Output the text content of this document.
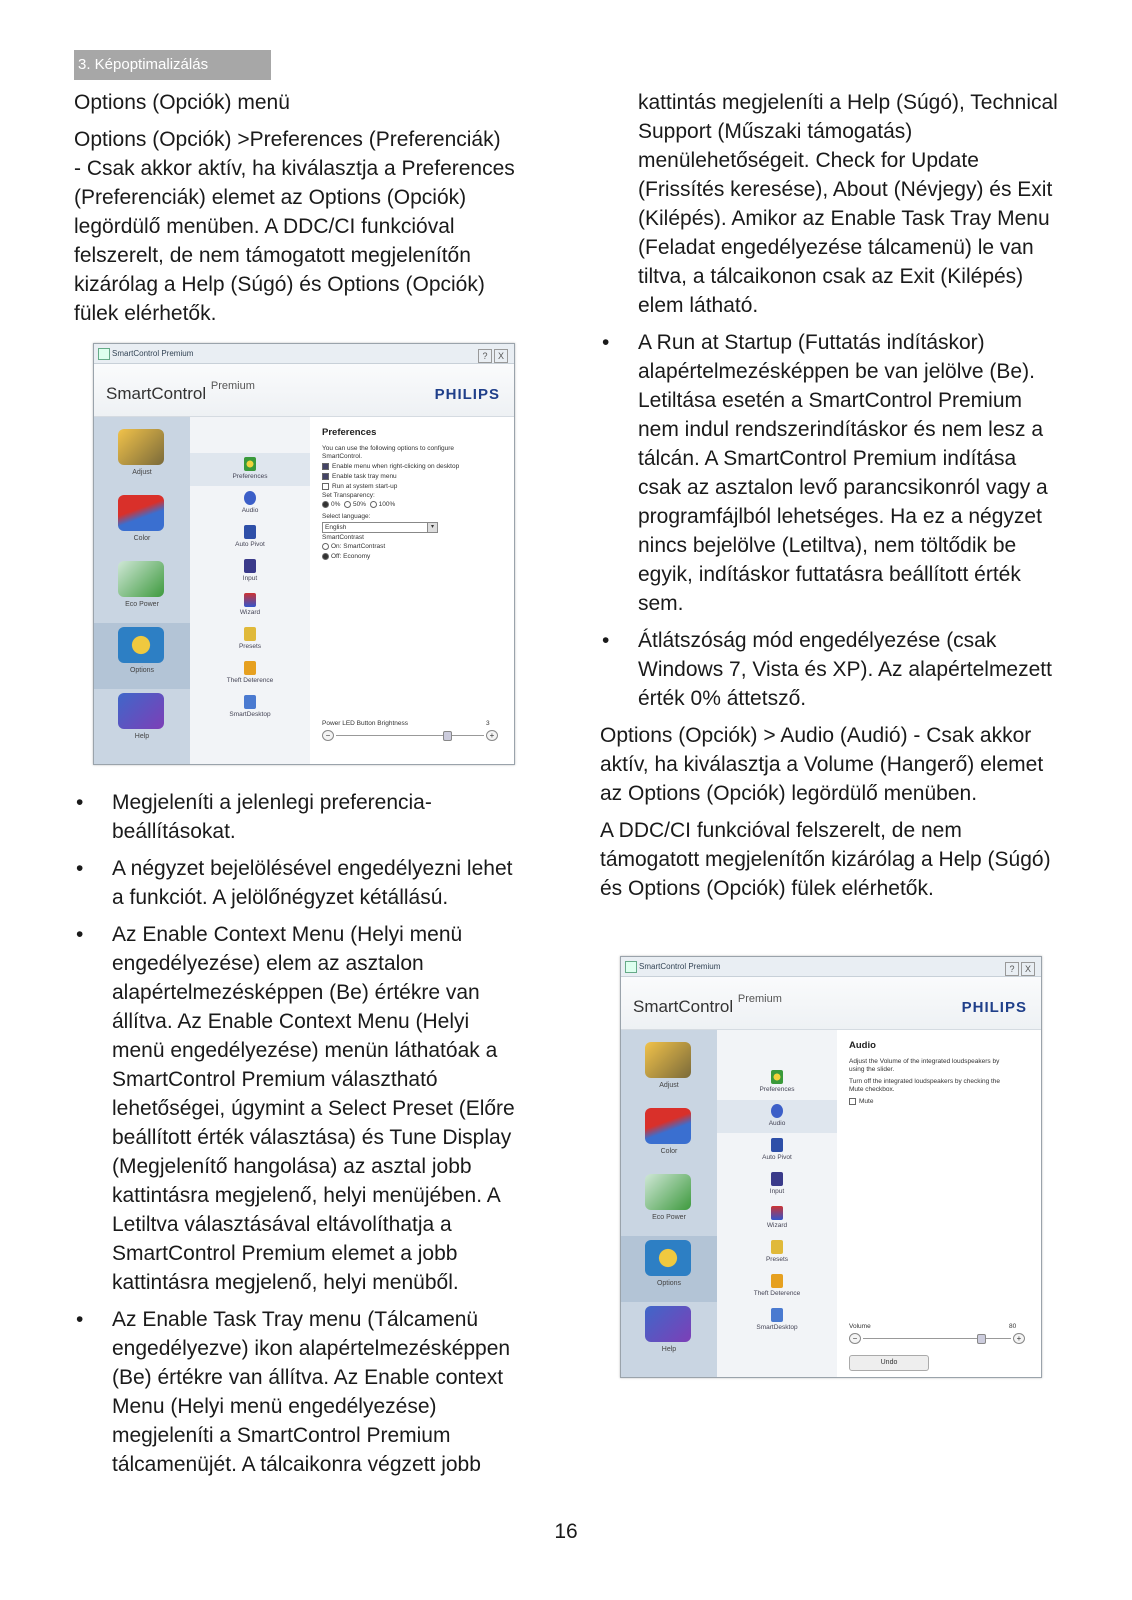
3. Képoptimalizálás

Options (Opciók) menü

Options (Opciók) >Preferences (Preferenciák)

- Csak akkor aktív, ha kiválasztja a Preferences (Preferenciák) elemet az Options (Opciók) legördülő menüben. A DDC/CI funkcióval felszerelt, de nem támogatott megjelenítőn kizárólag a Help (Súgó) és Options (Opciók) fülek elérhetők.

• Megjeleníti a jelenlegi preferencia-beállításokat.
• A négyzet bejelölésével engedélyezni lehet a funkciót. A jelölőnégyzet kétállású.
• Az Enable Context Menu (Helyi menü engedélyezése) elem az asztalon alapértelmezésképpen (Be) értékre van állítva. Az Enable Context Menu (Helyi menü engedélyezése) menün láthatóak a SmartControl Premium választható lehetőségei, úgymint a Select Preset (Előre beállított érték választása) és Tune Display (Megjelenítő hangolása) az asztal jobb kattintásra megjelenő, helyi menüjében. A Letiltva választásával eltávolíthatja a SmartControl Premium elemet a jobb kattintásra megjelenő, helyi menüből.
• Az Enable Task Tray menu (Tálcamenü engedélyezve) ikon alapértelmezésképpen (Be) értékre van állítva. Az Enable context Menu (Helyi menü engedélyezése) megjeleníti a SmartControl Premium tálcamenüjét. A tálcaikonra végzett jobb

kattintás megjeleníti a Help (Súgó), Technical Support (Műszaki támogatás) menülehetőségeit. Check for Update (Frissítés keresése), About (Névjegy) és Exit (Kilépés). Amikor az Enable Task Tray Menu (Feladat engedélyezése tálcamenü) le van tiltva, a tálcaikonon csak az Exit (Kilépés) elem látható.

• A Run at Startup (Futtatás indításkor) alapértelmezésképpen be van jelölve (Be). Letiltása esetén a SmartControl Premium nem indul rendszerindításkor és nem lesz a tálcán. A SmartControl Premium indítása csak az asztalon levő parancsikonról vagy a programfájlból lehetséges. Ha ez a négyzet nincs bejelölve (Letiltva), nem töltődik be egyik, indításkor futtatásra beállított érték sem.
• Átlátszóság mód engedélyezése (csak Windows 7, Vista és XP). Az alapértelmezett érték 0% áttetsző.

Options (Opciók) > Audio (Audió) - Csak akkor aktív, ha kiválasztja a Volume (Hangerő) elemet az Options (Opciók) legördülő menüben.

A DDC/CI funkcióval felszerelt, de nem támogatott megjelenítőn kizárólag a Help (Súgó) és Options (Opciók) fülek elérhetők.

SmartControl Premium	? X
SmartControl $^{Premium}$	PHILIPS
Adjust
Color
Eco Power
Options
Help
Preferences
Audio
Auto Pivot
Input
Wizard
Presets
Theft Deterence
SmartDesktop
Preferences
You can use the following options to configure
SmartControl.
Enable menu when right-clicking on desktop
Enable task tray menu
Run at system start-up
Set Transparency:
0% 50% 100%
Select language:
English	▾
SmartContrast
On: SmartContrast
Off: Economy
Power LED Button Brightness	3
−	+
SmartControl Premium	? X
SmartControl $^{Premium}$	PHILIPS
Adjust
Color
Eco Power
Options
Help
Preferences
Audio
Auto Pivot
Input
Wizard
Presets
Theft Deterence
SmartDesktop
Audio
Adjust the Volume of the integrated loudspeakers by
using the slider.
Turn off the integrated loudspeakers by checking the
Mute checkbox.
Mute
Volume	80
−	+
Undo
16
